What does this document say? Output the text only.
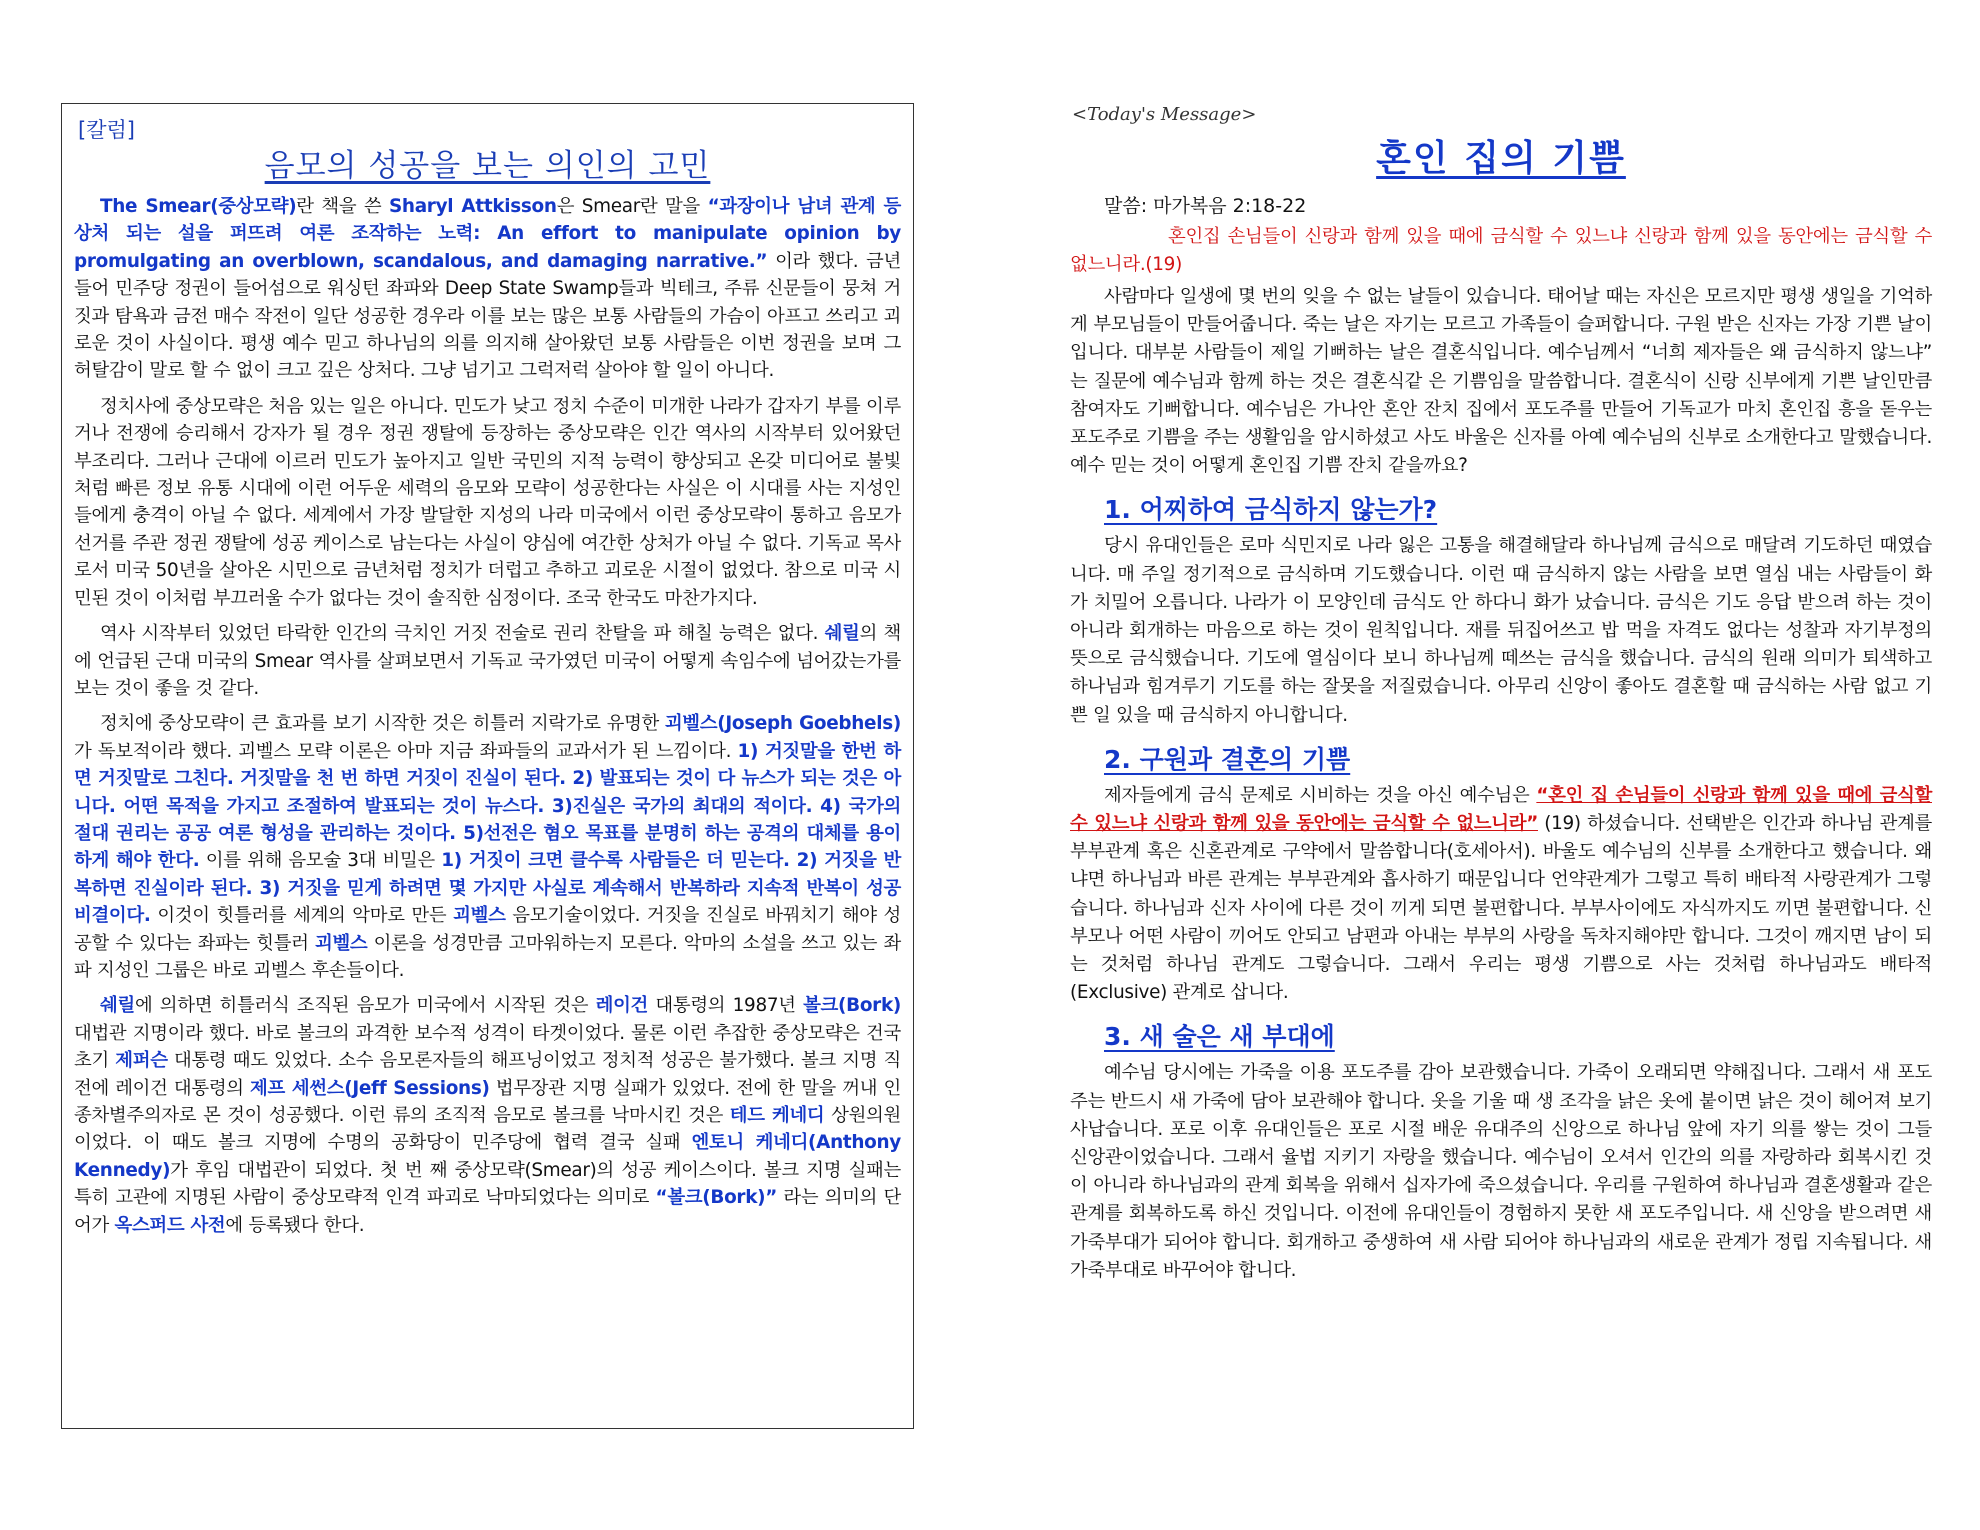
[칼럼]
음모의 성공을 보는 의인의 고민

The Smear(중상모략)란 책을 쓴 Sharyl Attkisson은 Smear란 말을 “과장이나 남녀 관계 등 상처 되는 설을 퍼뜨려 여론 조작하는 노력: An effort to manipulate opinion by promulgating an overblown, scandalous, and damaging narrative.” 이라 했다. 금년 들어 민주당 정권이 들어섬으로 워싱턴 좌파와 Deep State Swamp들과 빅테크, 주류 신문들이 뭉쳐 거짓과 탐욕과 금전 매수 작전이 일단 성공한 경우라 이를 보는 많은 보통 사람들의 가슴이 아프고 쓰리고 괴로운 것이 사실이다. 평생 예수 믿고 하나님의 의를 의지해 살아왔던 보통 사람들은 이번 정권을 보며 그 허탈감이 말로 할 수 없이 크고 깊은 상처다. 그냥 넘기고 그럭저럭 살아야 할 일이 아니다.

정치사에 중상모략은 처음 있는 일은 아니다. 민도가 낮고 정치 수준이 미개한 나라가 갑자기 부를 이루거나 전쟁에 승리해서 강자가 될 경우 정권 쟁탈에 등장하는 중상모략은 인간 역사의 시작부터 있어왔던 부조리다. 그러나 근대에 이르러 민도가 높아지고 일반 국민의 지적 능력이 향상되고 온갖 미디어로 불빛처럼 빠른 정보 유통 시대에 이런 어두운 세력의 음모와 모략이 성공한다는 사실은 이 시대를 사는 지성인들에게 충격이 아닐 수 없다. 세계에서 가장 발달한 지성의 나라 미국에서 이런 중상모략이 통하고 음모가 선거를 주관 정권 쟁탈에 성공 케이스로 남는다는 사실이 양심에 여간한 상처가 아닐 수 없다. 기독교 목사로서 미국 50년을 살아온 시민으로 금년처럼 정치가 더럽고 추하고 괴로운 시절이 없었다. 참으로 미국 시민된 것이 이처럼 부끄러울 수가 없다는 것이 솔직한 심정이다. 조국 한국도 마찬가지다.

역사 시작부터 있었던 타락한 인간의 극치인 거짓 전술로 권리 찬탈을 파 해칠 능력은 없다. 쉐릴의 책에 언급된 근대 미국의 Smear 역사를 살펴보면서 기독교 국가였던 미국이 어떻게 속임수에 넘어갔는가를 보는 것이 좋을 것 같다.

정치에 중상모략이 큰 효과를 보기 시작한 것은 히틀러 지락가로 유명한 괴벨스(Joseph Goebhels)가 독보적이라 했다. 괴벨스 모략 이론은 아마 지금 좌파들의 교과서가 된 느낌이다. 1) 거짓말을 한번 하면 거짓말로 그친다. 거짓말을 천 번 하면 거짓이 진실이 된다. 2) 발표되는 것이 다 뉴스가 되는 것은 아니다. 어떤 목적을 가지고 조절하여 발표되는 것이 뉴스다. 3)진실은 국가의 최대의 적이다. 4) 국가의 절대 권리는 공공 여론 형성을 관리하는 것이다. 5)선전은 혐오 목표를 분명히 하는 공격의 대체를 용이하게 해야 한다. 이를 위해 음모술 3대 비밀은 1) 거짓이 크면 클수록 사람들은 더 믿는다. 2) 거짓을 반복하면 진실이라 된다. 3) 거짓을 믿게 하려면 몇 가지만 사실로 계속해서 반복하라 지속적 반복이 성공 비결이다. 이것이 힛틀러를 세계의 악마로 만든 괴벨스 음모기술이었다. 거짓을 진실로 바꿔치기 해야 성공할 수 있다는 좌파는 힛틀러 괴벨스 이론을 성경만큼 고마워하는지 모른다. 악마의 소설을 쓰고 있는 좌파 지성인 그룹은 바로 괴벨스 후손들이다.

쉐릴에 의하면 히틀러식 조직된 음모가 미국에서 시작된 것은 레이건 대통령의 1987년 볼크(Bork) 대법관 지명이라 했다. 바로 볼크의 과격한 보수적 성격이 타겟이었다. 물론 이런 추잡한 중상모략은 건국 초기 제퍼슨 대통령 때도 있었다. 소수 음모론자들의 해프닝이었고 정치적 성공은 불가했다. 볼크 지명 직전에 레이건 대통령의 제프 세썬스(Jeff Sessions) 법무장관 지명 실패가 있었다. 전에 한 말을 꺼내 인종차별주의자로 몬 것이 성공했다. 이런 류의 조직적 음모로 볼크를 낙마시킨 것은 테드 케네디 상원의원이었다. 이 때도 볼크 지명에 수명의 공화당이 민주당에 협력 결국 실패 엔토니 케네디(Anthony Kennedy)가 후임 대법관이 되었다. 첫 번 째 중상모략(Smear)의 성공 케이스이다. 볼크 지명 실패는 특히 고관에 지명된 사람이 중상모략적 인격 파괴로 낙마되었다는 의미로 “볼크(Bork)” 라는 의미의 단어가 옥스퍼드 사전에 등록됐다 한다.

<Today's Message>
혼인 집의 기쁨
말씀: 마가복음 2:18-22
혼인집 손님들이 신랑과 함께 있을 때에 금식할 수 있느냐 신랑과 함께 있을 동안에는 금식할 수 없느니라.(19)

사람마다 일생에 몇 번의 잊을 수 없는 날들이 있습니다. 태어날 때는 자신은 모르지만 평생 생일을 기억하게 부모님들이 만들어줍니다. 죽는 날은 자기는 모르고 가족들이 슬퍼합니다. 구원 받은 신자는 가장 기쁜 날이입니다. 대부분 사람들이 제일 기뻐하는 날은 결혼식입니다. 예수님께서 “너희 제자들은 왜 금식하지 않느냐” 는 질문에 예수님과 함께 하는 것은 결혼식같 은 기쁨임을 말씀합니다. 결혼식이 신랑 신부에게 기쁜 날인만큼 참여자도 기뻐합니다. 예수님은 가나안 혼안 잔치 집에서 포도주를 만들어 기독교가 마치 혼인집 흥을 돋우는 포도주로 기쁨을 주는 생활임을 암시하셨고 사도 바울은 신자를 아예 예수님의 신부로 소개한다고 말했습니다. 예수 믿는 것이 어떻게 혼인집 기쁨 잔치 같을까요?

1. 어찌하여 금식하지 않는가?

당시 유대인들은 로마 식민지로 나라 잃은 고통을 해결해달라 하나님께 금식으로 매달려 기도하던 때였습니다. 매 주일 정기적으로 금식하며 기도했습니다. 이런 때 금식하지 않는 사람을 보면 열심 내는 사람들이 화가 치밀어 오릅니다. 나라가 이 모양인데 금식도 안 하다니 화가 났습니다. 금식은 기도 응답 받으려 하는 것이 아니라 회개하는 마음으로 하는 것이 원칙입니다. 재를 뒤집어쓰고 밥 먹을 자격도 없다는 성찰과 자기부정의 뜻으로 금식했습니다. 기도에 열심이다 보니 하나님께 떼쓰는 금식을 했습니다. 금식의 원래 의미가 퇴색하고 하나님과 힘겨루기 기도를 하는 잘못을 저질렀습니다. 아무리 신앙이 좋아도 결혼할 때 금식하는 사람 없고 기쁜 일 있을 때 금식하지 아니합니다.

2. 구원과 결혼의 기쁨

제자들에게 금식 문제로 시비하는 것을 아신 예수님은 “혼인 집 손님들이 신랑과 함께 있을 때에 금식할 수 있느냐 신랑과 함께 있을 동안에는 금식할 수 없느니라” (19) 하셨습니다. 선택받은 인간과 하나님 관계를 부부관계 혹은 신혼관계로 구약에서 말씀합니다(호세아서). 바울도 예수님의 신부를 소개한다고 했습니다. 왜냐면 하나님과 바른 관계는 부부관계와 흡사하기 때문입니다 언약관계가 그렇고 특히 배타적 사랑관계가 그렇습니다. 하나님과 신자 사이에 다른 것이 끼게 되면 불편합니다. 부부사이에도 자식까지도 끼면 불편합니다. 신부모나 어떤 사람이 끼어도 안되고 남편과 아내는 부부의 사랑을 독차지해야만 합니다. 그것이 깨지면 남이 되는 것처럼 하나님 관계도 그렇습니다. 그래서 우리는 평생 기쁨으로 사는 것처럼 하나님과도 배타적(Exclusive) 관계로 삽니다.

3. 새 술은 새 부대에

예수님 당시에는 가죽을 이용 포도주를 감아 보관했습니다. 가죽이 오래되면 약해집니다. 그래서 새 포도주는 반드시 새 가죽에 담아 보관해야 합니다. 옷을 기울 때 생 조각을 낡은 옷에 붙이면 낡은 것이 헤어져 보기 사납습니다. 포로 이후 유대인들은 포로 시절 배운 유대주의 신앙으로 하나님 앞에 자기 의를 쌓는 것이 그들 신앙관이었습니다. 그래서 율법 지키기 자랑을 했습니다. 예수님이 오셔서 인간의 의를 자랑하라 회복시킨 것이 아니라 하나님과의 관계 회복을 위해서 십자가에 죽으셨습니다. 우리를 구원하여 하나님과 결혼생활과 같은 관계를 회복하도록 하신 것입니다. 이전에 유대인들이 경험하지 못한 새 포도주입니다. 새 신앙을 받으려면 새 가죽부대가 되어야 합니다. 회개하고 중생하여 새 사람 되어야 하나님과의 새로운 관계가 정립 지속됩니다. 새 가죽부대로 바꾸어야 합니다.
